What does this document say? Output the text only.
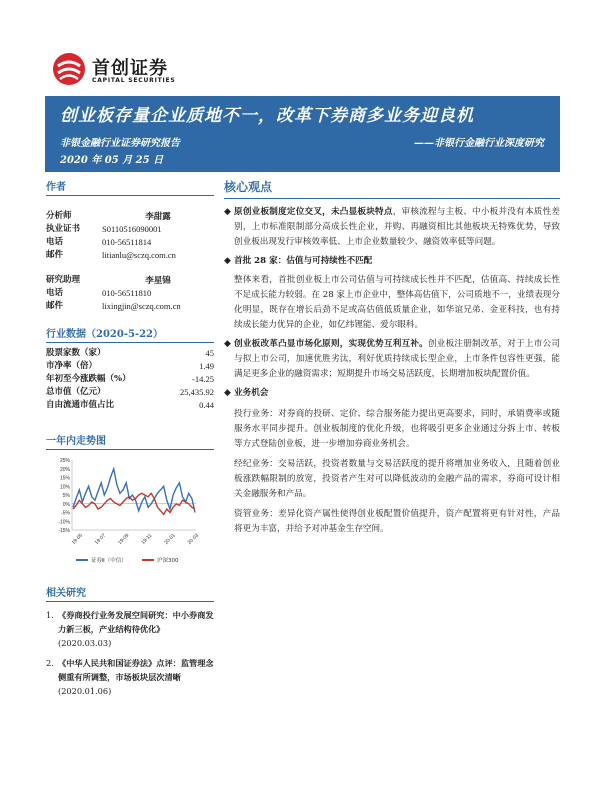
首创证券
CAPITAL SECURITIES
创业板存量企业质地不一，改革下券商多业务迎良机
非银金融行业证券研究报告
2020 年 05 月 25 日
——非银行金融行业深度研究
作者
分析师	李甜露
执业证书	S0110516090001
电话	010-56511814
邮件	litianlu@sczq.com.cn
研究助理	李星锦
电话	010-56511810
邮件	lixingjin@sczq.com.cn
行业数据（2020-5-22）
股票家数（家）	45
市净率（倍）	1.49
年初至今涨跌幅（%）	-14.25
总市值（亿元）	25,435.92
自由流通市值占比	0.44
一年内走势图
-15%
-10%
-5%
0%
5%
10%
15%
20%
25%
19-05 19-07 19-09 19-11 20-01 20-03
证券Ⅱ（中信）	沪深300
相关研究
1. 《券商投行业务发展空间研究：中小券商发力新三板，产业结构待优化》(2020.03.03)
2. 《中华人民共和国证券法》点评：监管理念侧重有所调整，市场板块层次清晰(2020.01.06)
核心观点
◆ 原创业板制度定位交叉，未凸显板块特点，审核流程与主板、中小板并没有本质性差别，上市标准限制部分高成长性企业，并购、再融资相比其他板块无特殊优势，导致创业板出现发行审核效率低、上市企业数量较少、融资效率低等问题。
◆ 首批 28 家：估值与可持续性不匹配
整体来看，首批创业板上市公司估值与可持续成长性并不匹配，估值高、持续成长性不足成长能力较弱。在 28 家上市企业中，整体高估值下，公司质地不一，业绩表现分化明显，既存在增长后劲不足或高估值低质量企业，如华谊兄弟、金亚科技，也有持续成长能力优异的企业，如亿纬锂能、爱尔眼科。
◆ 创业板改革凸显市场化原则，实现优势互利互补。创业板注册制改革，对于上市公司与拟上市公司，加速优胜劣汰，利好优质持续成长型企业，上市条件包容性更强，能满足更多企业的融资需求；短期提升市场交易活跃度，长期增加板块配置价值。
◆ 业务机会
投行业务：对券商的投研、定价、综合服务能力提出更高要求，同时，承销费率或随服务水平同步提升。创业板制度的优化升级，也将吸引更多企业通过分拆上市、转板等方式登陆创业板，进一步增加券商业务机会。
经纪业务：交易活跃，投资者数量与交易活跃度的提升将增加业务收入，且随着创业板涨跌幅限制的放宽，投资者产生对可以降低波动的金融产品的需求，券商可设计相关金融服务和产品。
资管业务：差异化资产属性使得创业板配置价值提升，资产配置将更有针对性，产品将更为丰富，并给予对冲基金生存空间。
